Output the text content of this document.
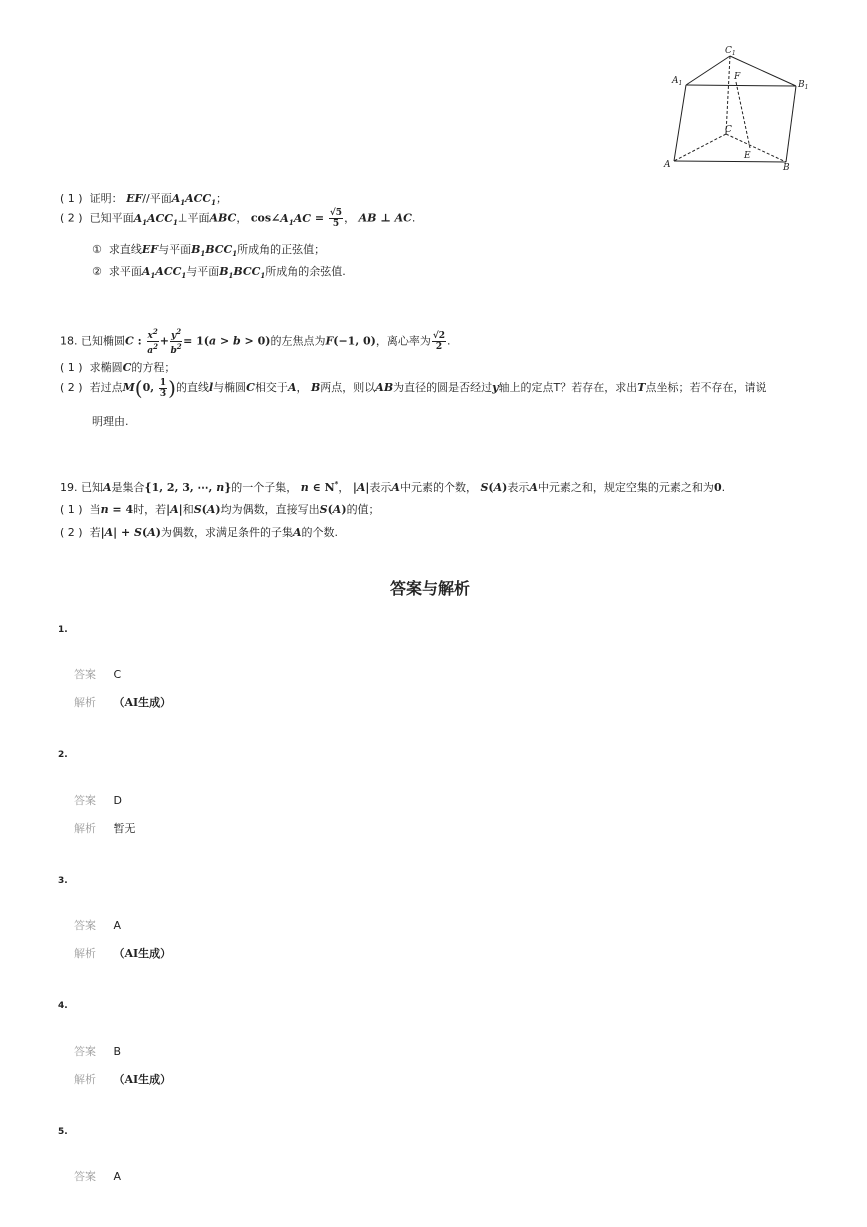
$C_1$
$A_1$	$B_1$
F
C
A
E
B
( 1 ) 证明： EF//平面$A_1ACC_1$；
( 2 ) 已知平面$A_1ACC_1\perp$平面ABC， $\cos\angle A_1AC = \frac{√5}{5}$ ， AB ⊥ AC.
① 求直线EF与平面$B_1BCC_1$所成角的正弦值；
② 求平面$A_1ACC_1$与平面$B_1BCC_1$所成角的余弦值.
18. 已知椭圆C : $\frac{x^2}{a^2} + \frac{y^2}{b^2} = 1(a > b > 0)$的左焦点为F(−1, 0)，离心率为 $\frac{√2}{2}$ .
( 1 ) 求椭圆C的方程；
( 2 ) 若过点M(0, $\frac{1}{3}$ )的直线l与椭圆C相交于A， B两点，则以AB为直径的圆是否经过y轴上的定点T？若存在，求出T点坐标；若不存在，请说
明理由.
19. 已知A是集合{1, 2, 3, ⋯, n}的一个子集， n ∈ N*， |A|表示A中元素的个数， S(A)表示A中元素之和，规定空集的元素之和为0.
( 1 ) 当n = 4时，若|A|和S(A)均为偶数，直接写出S(A)的值；
( 2 ) 若|A| + S(A)为偶数，求满足条件的子集A的个数.
答案与解析
1.
答案 C
解析 （AI生成）
2.
答案 D
解析 暂无
3.
答案 A
解析 （AI生成）
4.
答案 B
解析 （AI生成）
5.
答案 A
